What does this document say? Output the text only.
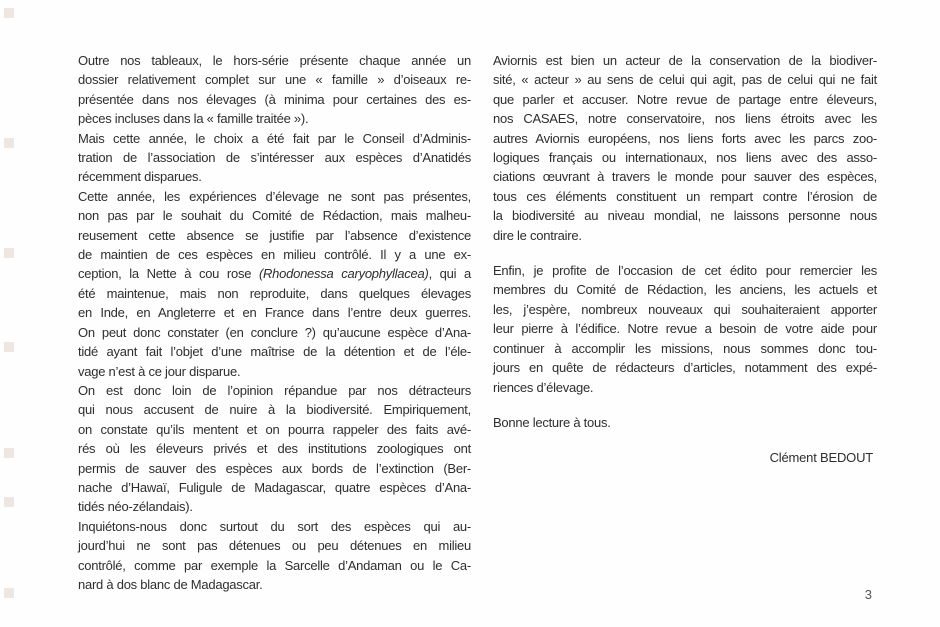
Outre nos tableaux, le hors-série présente chaque année un
dossier relativement complet sur une « famille » d’oiseaux re-
présentée dans nos élevages (à minima pour certaines des es-
pèces incluses dans la « famille traitée »).
Mais cette année, le choix a été fait par le Conseil d’Adminis-
tration de l’association de s’intéresser aux espèces d’Anatidés
récemment disparues.
Cette année, les expériences d’élevage ne sont pas présentes,
non pas par le souhait du Comité de Rédaction, mais malheu-
reusement cette absence se justifie par l’absence d’existence
de maintien de ces espèces en milieu contrôlé. Il y a une ex-
ception, la Nette à cou rose (Rhodonessa caryophyllacea), qui a
été maintenue, mais non reproduite, dans quelques élevages
en Inde, en Angleterre et en France dans l’entre deux guerres.
On peut donc constater (en conclure ?) qu’aucune espèce d’Ana-
tidé ayant fait l’objet d’une maîtrise de la détention et de l’éle-
vage n’est à ce jour disparue.
On est donc loin de l’opinion répandue par nos détracteurs
qui nous accusent de nuire à la biodiversité. Empiriquement,
on constate qu’ils mentent et on pourra rappeler des faits avé-
rés où les éleveurs privés et des institutions zoologiques ont
permis de sauver des espèces aux bords de l’extinction (Ber-
nache d’Hawaï, Fuligule de Madagascar, quatre espèces d’Ana-
tidés néo-zélandais).
Inquiétons-nous donc surtout du sort des espèces qui au-
jourd’hui ne sont pas détenues ou peu détenues en milieu
contrôlé, comme par exemple la Sarcelle d’Andaman ou le Ca-
nard à dos blanc de Madagascar.
Aviornis est bien un acteur de la conservation de la biodiver-
sité, « acteur » au sens de celui qui agit, pas de celui qui ne fait
que parler et accuser. Notre revue de partage entre éleveurs,
nos CASAES, notre conservatoire, nos liens étroits avec les
autres Aviornis européens, nos liens forts avec les parcs zoo-
logiques français ou internationaux, nos liens avec des asso-
ciations œuvrant à travers le monde pour sauver des espèces,
tous ces éléments constituent un rempart contre l’érosion de
la biodiversité au niveau mondial, ne laissons personne nous
dire le contraire.
Enfin, je profite de l’occasion de cet édito pour remercier les
membres du Comité de Rédaction, les anciens, les actuels et
les, j’espère, nombreux nouveaux qui souhaiteraient apporter
leur pierre à l’édifice. Notre revue a besoin de votre aide pour
continuer à accomplir les missions, nous sommes donc tou-
jours en quête de rédacteurs d’articles, notamment des expé-
riences d’élevage.
Bonne lecture à tous.
Clément BEDOUT
3
